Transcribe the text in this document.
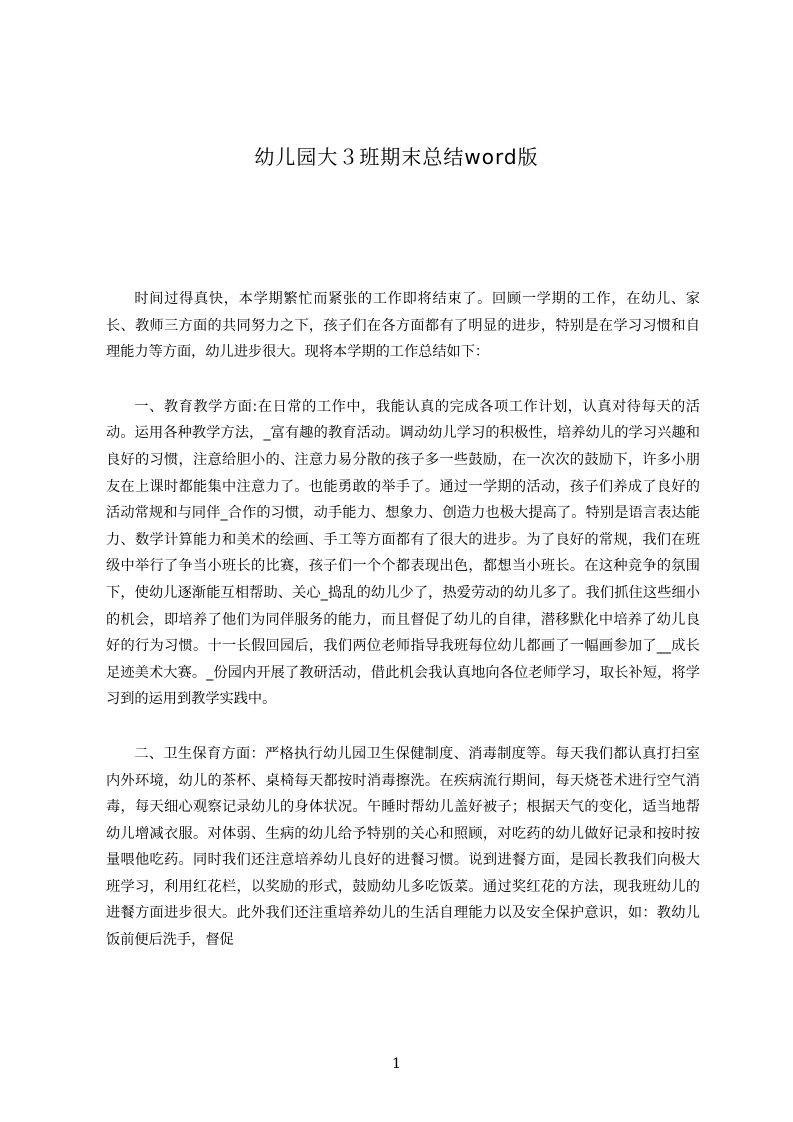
幼儿园大３班期末总结word版

时间过得真快，本学期繁忙而紧张的工作即将结束了。回顾一学期的工作，在幼儿、家长、教师三方面的共同努力之下，孩子们在各方面都有了明显的进步，特别是在学习习惯和自理能力等方面，幼儿进步很大。现将本学期的工作总结如下：

一、教育教学方面:在日常的工作中，我能认真的完成各项工作计划，认真对待每天的活动。运用各种教学方法，_富有趣的教育活动。调动幼儿学习的积极性，培养幼儿的学习兴趣和良好的习惯，注意给胆小的、注意力易分散的孩子多一些鼓励，在一次次的鼓励下，许多小朋友在上课时都能集中注意力了。也能勇敢的举手了。通过一学期的活动，孩子们养成了良好的活动常规和与同伴_合作的习惯，动手能力、想象力、创造力也极大提高了。特别是语言表达能力、数学计算能力和美术的绘画、手工等方面都有了很大的进步。为了良好的常规，我们在班级中举行了争当小班长的比赛，孩子们一个个都表现出色，都想当小班长。在这种竞争的氛围下，使幼儿逐渐能互相帮助、关心_捣乱的幼儿少了，热爱劳动的幼儿多了。我们抓住这些细小的机会，即培养了他们为同伴服务的能力，而且督促了幼儿的自律，潜移默化中培养了幼儿良好的行为习惯。十一长假回园后，我们两位老师指导我班每位幼儿都画了一幅画参加了__成长足迹美术大赛。_份园内开展了教研活动，借此机会我认真地向各位老师学习，取长补短，将学习到的运用到教学实践中。

二、卫生保育方面：严格执行幼儿园卫生保健制度、消毒制度等。每天我们都认真打扫室内外环境，幼儿的茶杯、桌椅每天都按时消毒擦洗。在疾病流行期间，每天烧苍术进行空气消毒，每天细心观察记录幼儿的身体状况。午睡时帮幼儿盖好被子；根据天气的变化，适当地帮幼儿增减衣服。对体弱、生病的幼儿给予特别的关心和照顾，对吃药的幼儿做好记录和按时按量喂他吃药。同时我们还注意培养幼儿良好的进餐习惯。说到进餐方面，是园长教我们向极大班学习，利用红花栏，以奖励的形式，鼓励幼儿多吃饭菜。通过奖红花的方法，现我班幼儿的进餐方面进步很大。此外我们还注重培养幼儿的生活自理能力以及安全保护意识，如：教幼儿饭前便后洗手，督促

1
